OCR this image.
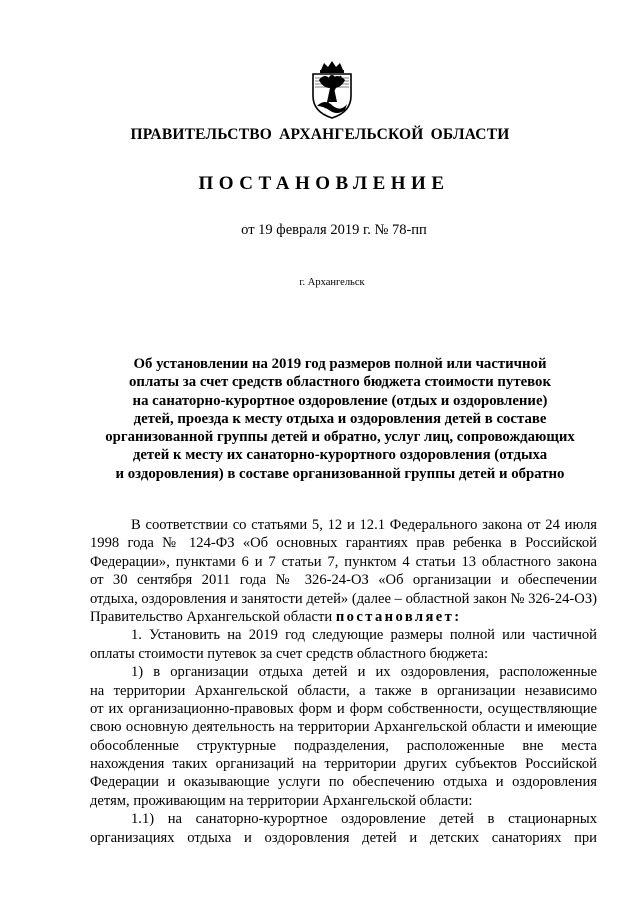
ПРАВИТЕЛЬСТВО АРХАНГЕЛЬСКОЙ ОБЛАСТИ
ПОСТАНОВЛЕНИЕ
от 19 февраля 2019 г. № 78-пп
г. Архангельск
Об установлении на 2019 год размеров полной или частичной
оплаты за счет средств областного бюджета стоимости путевок
на санаторно-курортное оздоровление (отдых и оздоровление)
детей, проезда к месту отдыха и оздоровления детей в составе
организованной группы детей и обратно, услуг лиц, сопровождающих
детей к месту их санаторно-курортного оздоровления (отдыха
и оздоровления) в составе организованной группы детей и обратно
В соответствии со статьями 5, 12 и 12.1 Федерального закона от 24 июля
1998 года № 124-ФЗ «Об основных гарантиях прав ребенка в Российской
Федерации», пунктами 6 и 7 статьи 7, пунктом 4 статьи 13 областного закона
от 30 сентября 2011 года № 326-24-ОЗ «Об организации и обеспечении
отдыха, оздоровления и занятости детей» (далее – областной закон № 326-24-ОЗ)
Правительство Архангельской области постановляет:
1. Установить на 2019 год следующие размеры полной или частичной
оплаты стоимости путевок за счет средств областного бюджета:
1) в организации отдыха детей и их оздоровления, расположенные
на территории Архангельской области, а также в организации независимо
от их организационно-правовых форм и форм собственности, осуществляющие
свою основную деятельность на территории Архангельской области и имеющие
обособленные структурные подразделения, расположенные вне места
нахождения таких организаций на территории других субъектов Российской
Федерации и оказывающие услуги по обеспечению отдыха и оздоровления
детям, проживающим на территории Архангельской области:
1.1) на санаторно-курортное оздоровление детей в стационарных
организациях отдыха и оздоровления детей и детских санаториях при
